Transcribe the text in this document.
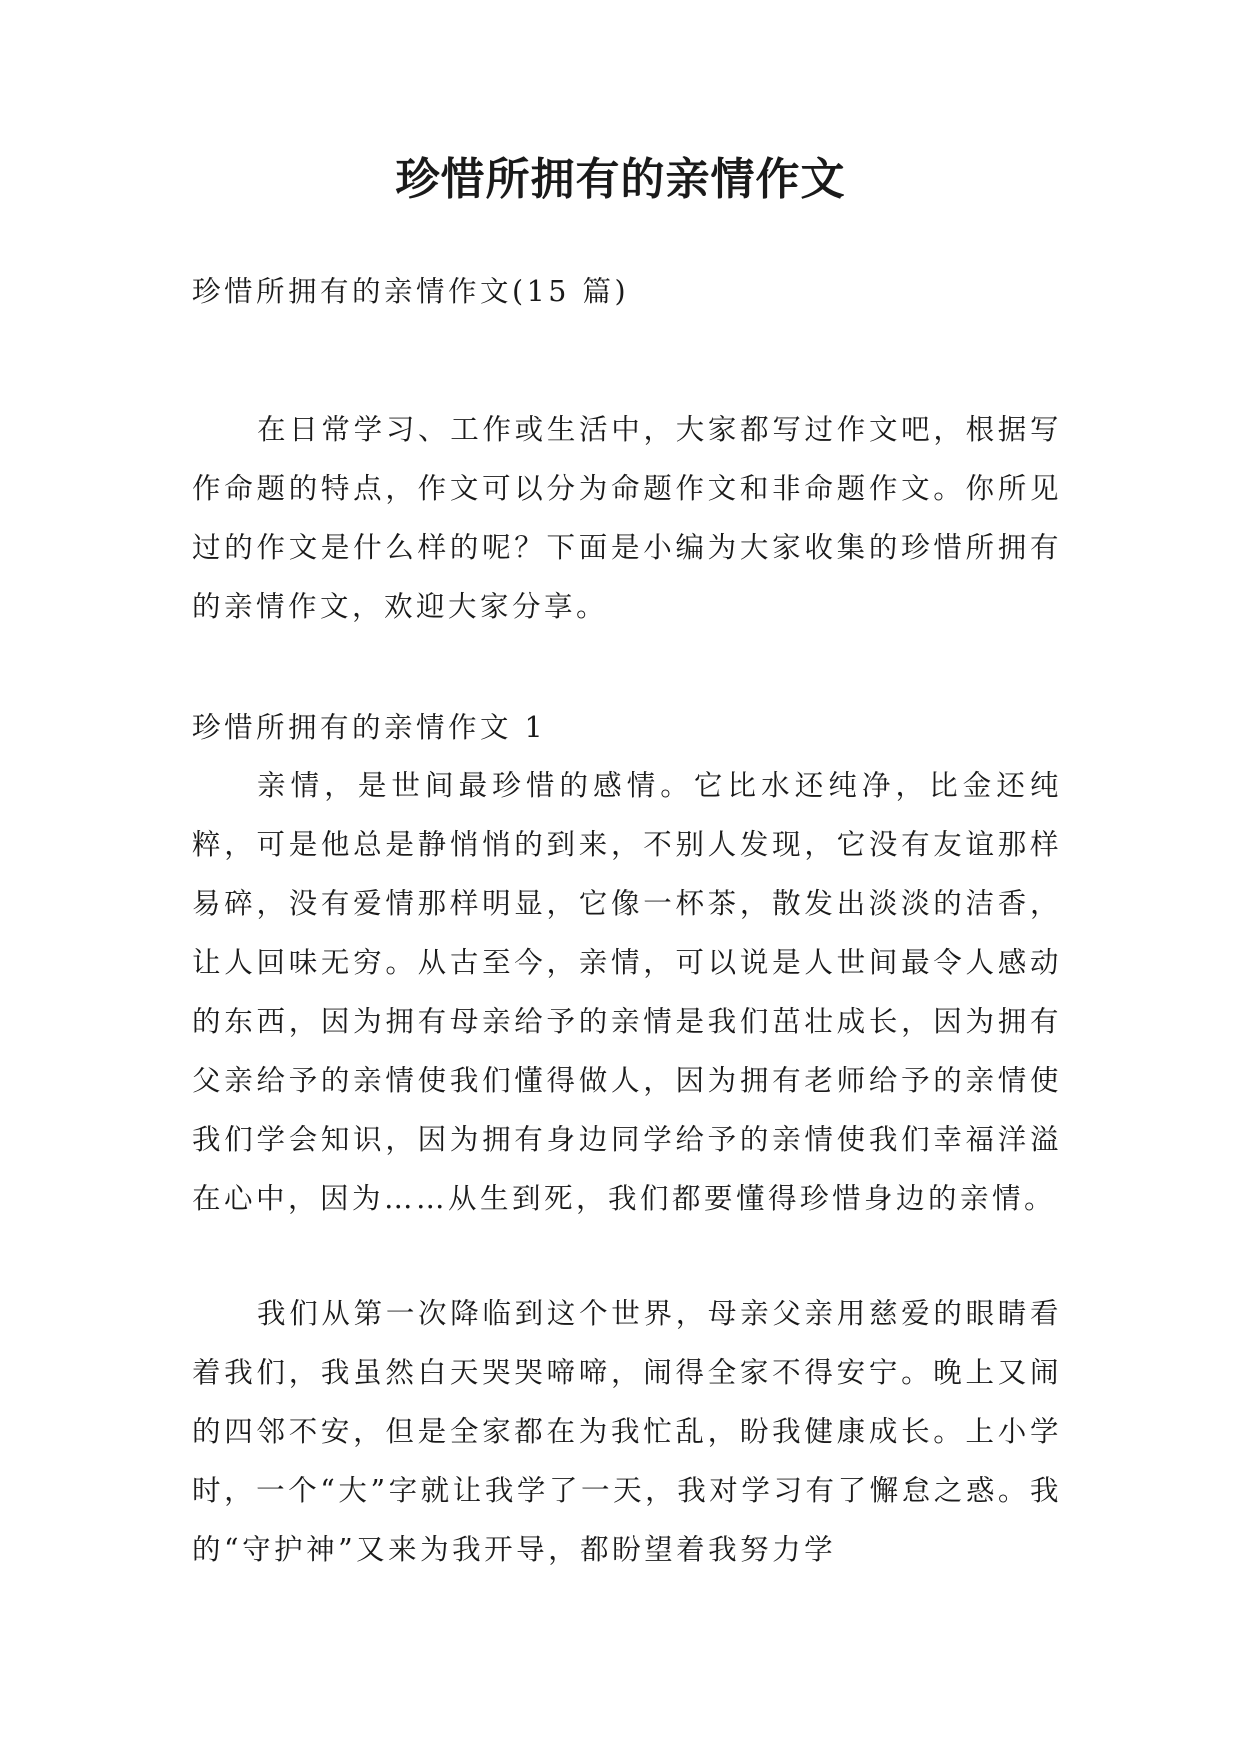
珍惜所拥有的亲情作文

珍惜所拥有的亲情作文(15 篇)

在日常学习、工作或生活中，大家都写过作文吧，根据写作命题的特点，作文可以分为命题作文和非命题作文。你所见过的作文是什么样的呢？下面是小编为大家收集的珍惜所拥有的亲情作文，欢迎大家分享。

珍惜所拥有的亲情作文 1

亲情，是世间最珍惜的感情。它比水还纯净，比金还纯粹，可是他总是静悄悄的到来，不别人发现，它没有友谊那样易碎，没有爱情那样明显，它像一杯茶，散发出淡淡的洁香，让人回味无穷。从古至今，亲情，可以说是人世间最令人感动的东西，因为拥有母亲给予的亲情是我们茁壮成长，因为拥有父亲给予的亲情使我们懂得做人，因为拥有老师给予的亲情使我们学会知识，因为拥有身边同学给予的亲情使我们幸福洋溢在心中，因为……从生到死，我们都要懂得珍惜身边的亲情。

我们从第一次降临到这个世界，母亲父亲用慈爱的眼睛看着我们，我虽然白天哭哭啼啼，闹得全家不得安宁。晚上又闹的四邻不安，但是全家都在为我忙乱，盼我健康成长。上小学时，一个“大”字就让我学了一天，我对学习有了懈怠之惑。我的“守护神”又来为我开导，都盼望着我努力学
